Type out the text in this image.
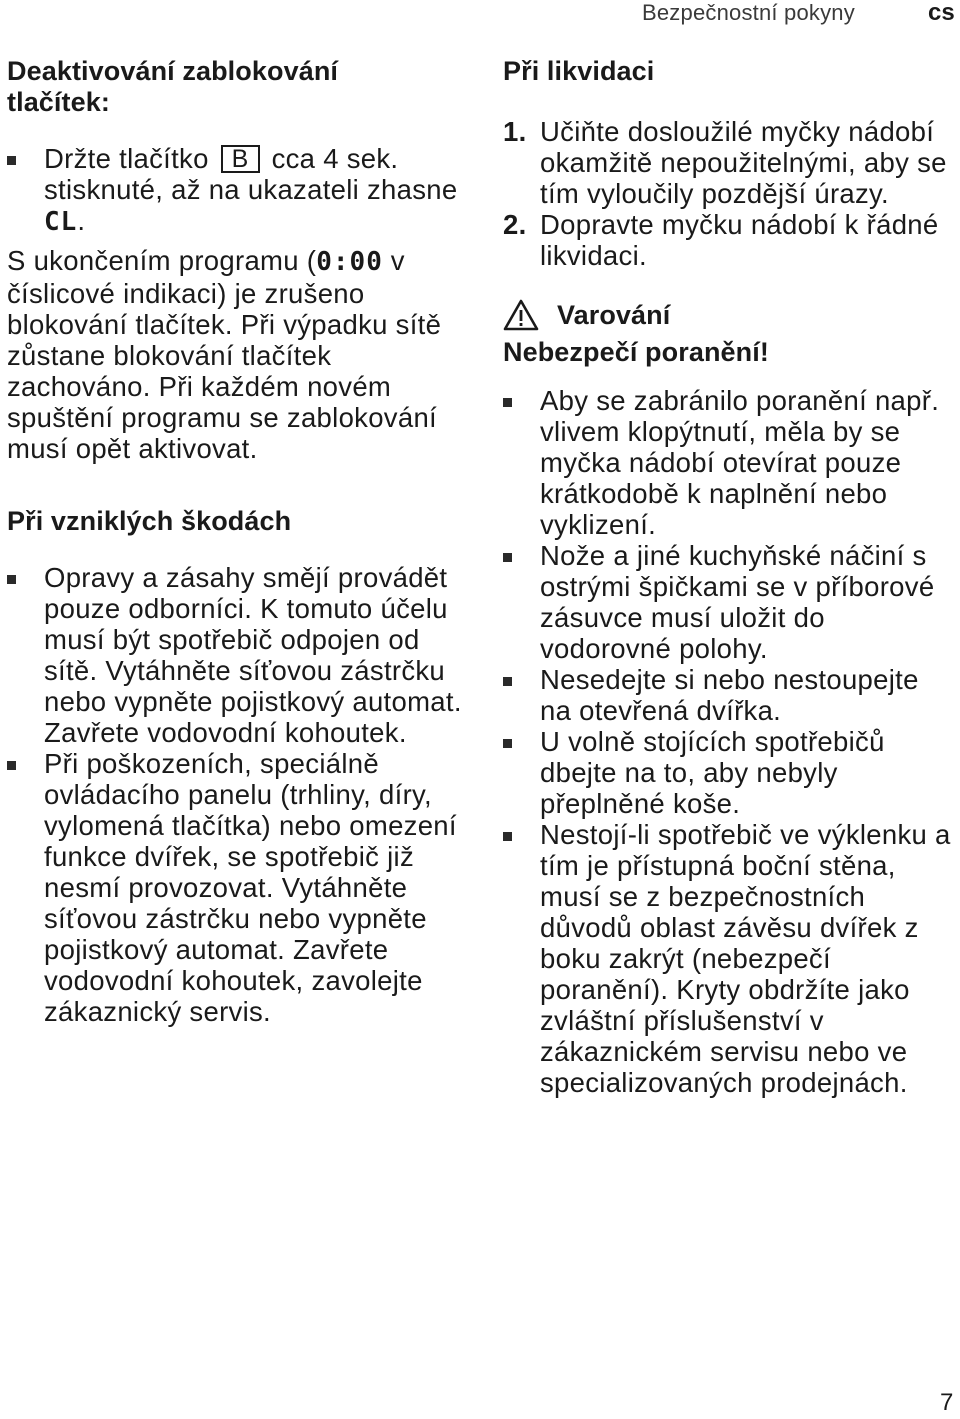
Bezpečnostní pokyny	cs
Deaktivování zablokování tlačítek:
Držte tlačítko B cca 4 sek. stisknuté, až na ukazateli zhasne CL.
S ukončením programu (0:00 v číslicové indikaci) je zrušeno blokování tlačítek. Při výpadku sítě zůstane blokování tlačítek zachováno. Při každém novém spuštění programu se zablokování musí opět aktivovat.
Při vzniklých škodách
Opravy a zásahy smějí provádět pouze odborníci. K tomuto účelu musí být spotřebič odpojen od sítě. Vytáhněte síťovou zástrčku nebo vypněte pojistkový automat. Zavřete vodovodní kohoutek.
Při poškozeních, speciálně ovládacího panelu (trhliny, díry, vylomená tlačítka) nebo omezení funkce dvířek, se spotřebič již nesmí provozovat. Vytáhněte síťovou zástrčku nebo vypněte pojistkový automat. Zavřete vodovodní kohoutek, zavolejte zákaznický servis.
Při likvidaci
1. Učiňte dosloužilé myčky nádobí okamžitě nepoužitelnými, aby se tím vyloučily pozdější úrazy.
2. Dopravte myčku nádobí k řádné likvidaci.
Varování
Nebezpečí poranění!
Aby se zabránilo poranění např. vlivem klopýtnutí, měla by se myčka nádobí otevírat pouze krátkodobě k naplnění nebo vyklizení.
Nože a jiné kuchyňské náčiní s ostrými špičkami se v příborové zásuvce musí uložit do vodorovné polohy.
Nesedejte si nebo nestoupejte na otevřená dvířka.
U volně stojících spotřebičů dbejte na to, aby nebyly přeplněné koše.
Nestojí-li spotřebič ve výklenku a tím je přístupná boční stěna, musí se z bezpečnostních důvodů oblast závěsu dvířek z boku zakrýt (nebezpečí poranění). Kryty obdržíte jako zvláštní příslušenství v zákaznickém servisu nebo ve specializovaných prodejnách.
7
